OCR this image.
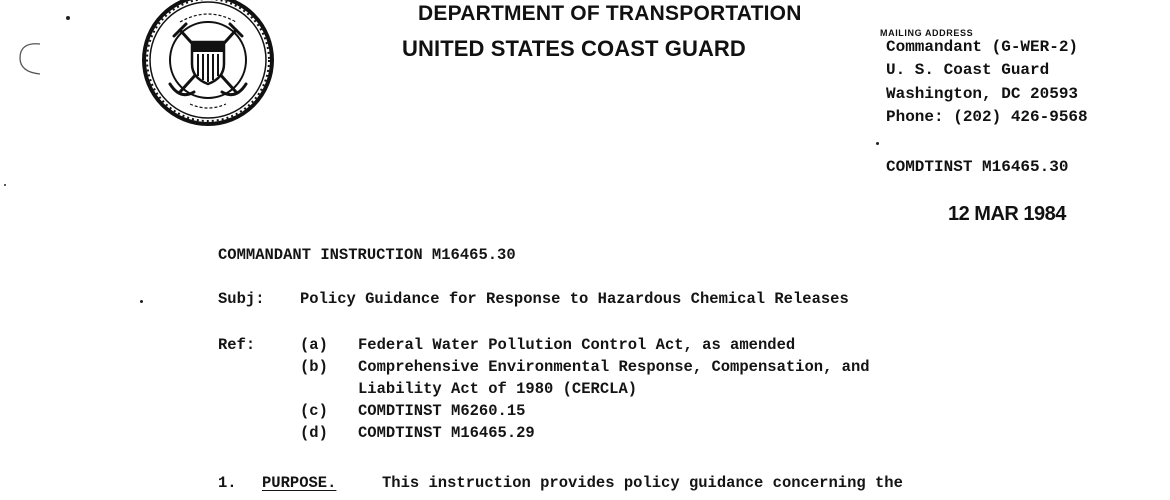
DEPARTMENT OF TRANSPORTATION
UNITED STATES COAST GUARD
MAILING ADDRESS
Commandant (G-WER-2)
U. S. Coast Guard
Washington, DC 20593
Phone: (202) 426-9568
COMDTINST M16465.30
12 MAR 1984
COMMANDANT INSTRUCTION M16465.30
Subj: Policy Guidance for Response to Hazardous Chemical Releases
Ref:	(a) Federal Water Pollution Control Act, as amended
(b) Comprehensive Environmental Response, Compensation, and
Liability Act of 1980 (CERCLA)
(c) COMDTINST M6260.15
(d) COMDTINST M16465.29
1. PURPOSE.	This instruction provides policy guidance concerning the
